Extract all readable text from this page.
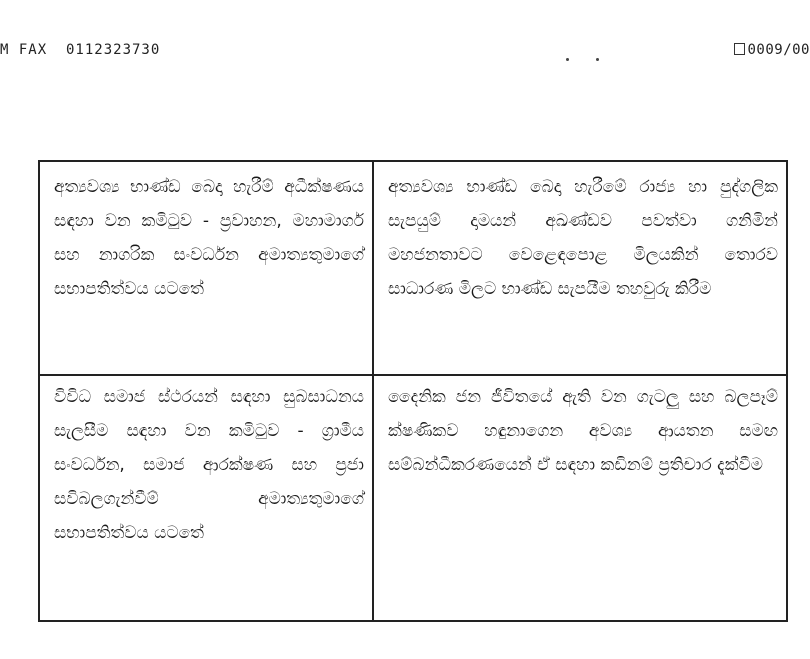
M FAX  0112323730	0009/00
අත්‍යවශ්‍ය භාණ්ඩ බෙදා හැරීම් අධීක්ෂණය සඳහා වන කමිටුව - ප්‍රවාහන, මහාමාර්ග සහ නාගරික සංවර්ධන අමාත්‍යතුමාගේ සභාපතිත්වය යටතේ	අත්‍යවශ්‍ය භාණ්ඩ බෙදා හැරීමේ රාජ්‍ය හා පුද්ගලික සැපයුම් දාමයන් අඛණ්ඩව පවත්වා ගනිමින් මහජනතාවට වෙළෙඳපොළ මිලයකින් තොරව සාධාරණ මිලට භාණ්ඩ සැපයීම තහවුරු කිරීම
විවිධ සමාජ ස්ථරයන් සඳහා සුබසාධනය සැලසීම සඳහා වන කමිටුව - ග්‍රාමීය සංවර්ධන, සමාජ ආරක්ෂණ සහ ප්‍රජා සවිබලගැන්වීම් අමාත්‍යතුමාගේ සභාපතිත්වය යටතේ	දෛනික ජන ජීවිතයේ ඇති වන ගැටලු සහ බලපෑම් ක්ෂණිකව හඳුනාගෙන අවශ්‍ය ආයතන සමඟ සම්බන්ධීකරණයෙන් ඒ සඳහා කඩිනම් ප්‍රතිචාර දැක්වීම
